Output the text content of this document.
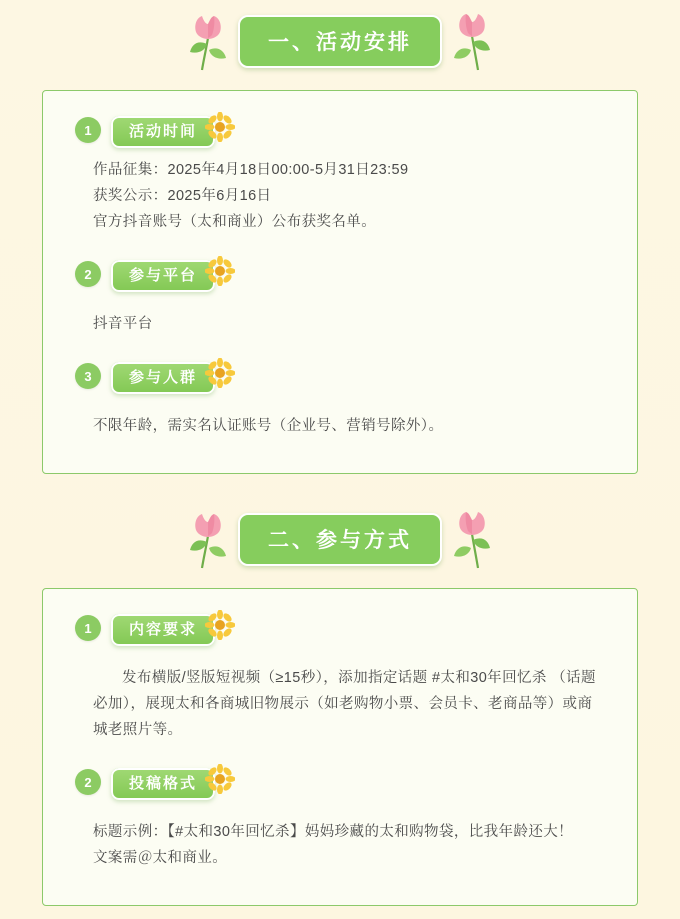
一、活动安排
1	活动时间

作品征集：2025年4月18日00:00-5月31日23:59

获奖公示：2025年6月16日

官方抖音账号（太和商业）公布获奖名单。

2	参与平台

抖音平台

3	参与人群

不限年龄，需实名认证账号（企业号、营销号除外）。

二、参与方式
1	内容要求

发布横版/竖版短视频（≥15秒），添加指定话题 #太和30年回忆杀 （话题必加），展现太和各商城旧物展示（如老购物小票、会员卡、老商品等）或商城老照片等。

2	投稿格式

标题示例：【#太和30年回忆杀】妈妈珍藏的太和购物袋，比我年龄还大！

文案需＠太和商业。
